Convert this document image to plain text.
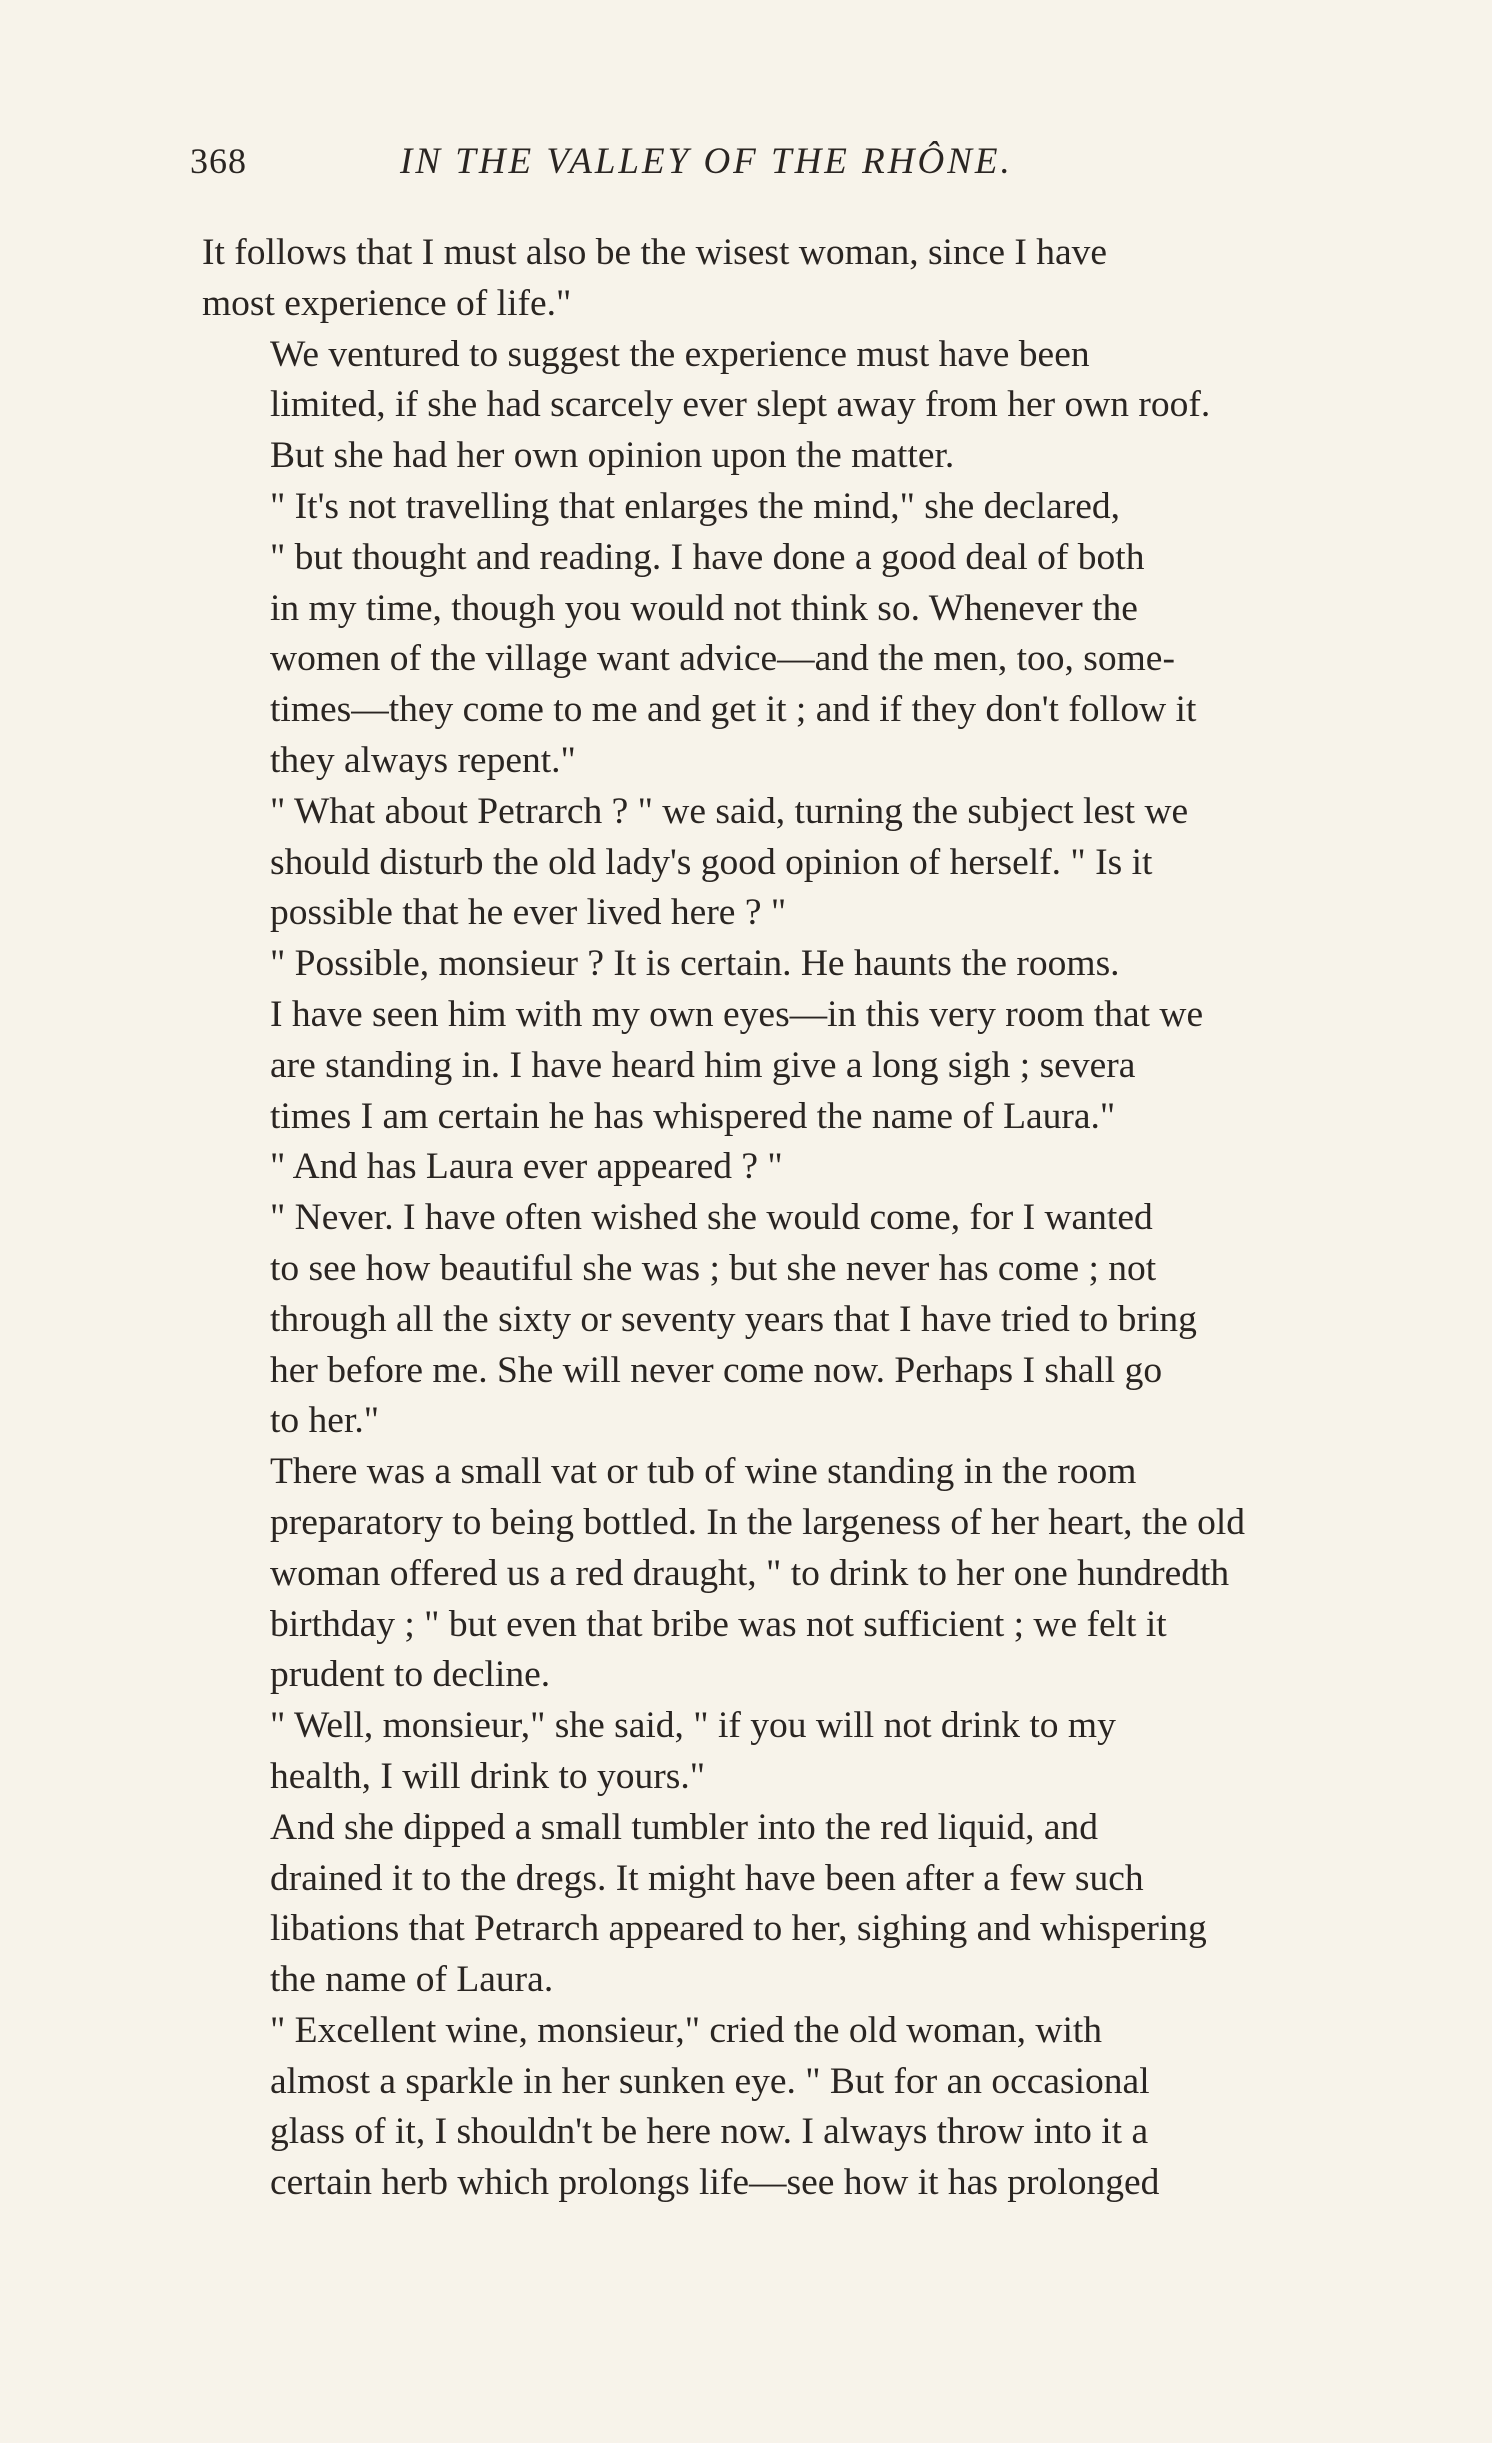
368	IN THE VALLEY OF THE RHÔNE.

It follows that I must also be the wisest woman, since I have
most experience of life."

We ventured to suggest the experience must have been
limited, if she had scarcely ever slept away from her own roof.
But she had her own opinion upon the matter.

" It's not travelling that enlarges the mind," she declared,
" but thought and reading. I have done a good deal of both
in my time, though you would not think so. Whenever the
women of the village want advice—and the men, too, some-
times—they come to me and get it ; and if they don't follow it
they always repent."

" What about Petrarch ? " we said, turning the subject lest we
should disturb the old lady's good opinion of herself. " Is it
possible that he ever lived here ? "

" Possible, monsieur ? It is certain. He haunts the rooms.
I have seen him with my own eyes—in this very room that we
are standing in. I have heard him give a long sigh ; severa
times I am certain he has whispered the name of Laura."

" And has Laura ever appeared ? "

" Never. I have often wished she would come, for I wanted
to see how beautiful she was ; but she never has come ; not
through all the sixty or seventy years that I have tried to bring
her before me. She will never come now. Perhaps I shall go
to her."

There was a small vat or tub of wine standing in the room
preparatory to being bottled. In the largeness of her heart, the old
woman offered us a red draught, " to drink to her one hundredth
birthday ; " but even that bribe was not sufficient ; we felt it
prudent to decline.

" Well, monsieur," she said, " if you will not drink to my
health, I will drink to yours."

And she dipped a small tumbler into the red liquid, and
drained it to the dregs. It might have been after a few such
libations that Petrarch appeared to her, sighing and whispering
the name of Laura.

" Excellent wine, monsieur," cried the old woman, with
almost a sparkle in her sunken eye. " But for an occasional
glass of it, I shouldn't be here now. I always throw into it a
certain herb which prolongs life—see how it has prolonged
